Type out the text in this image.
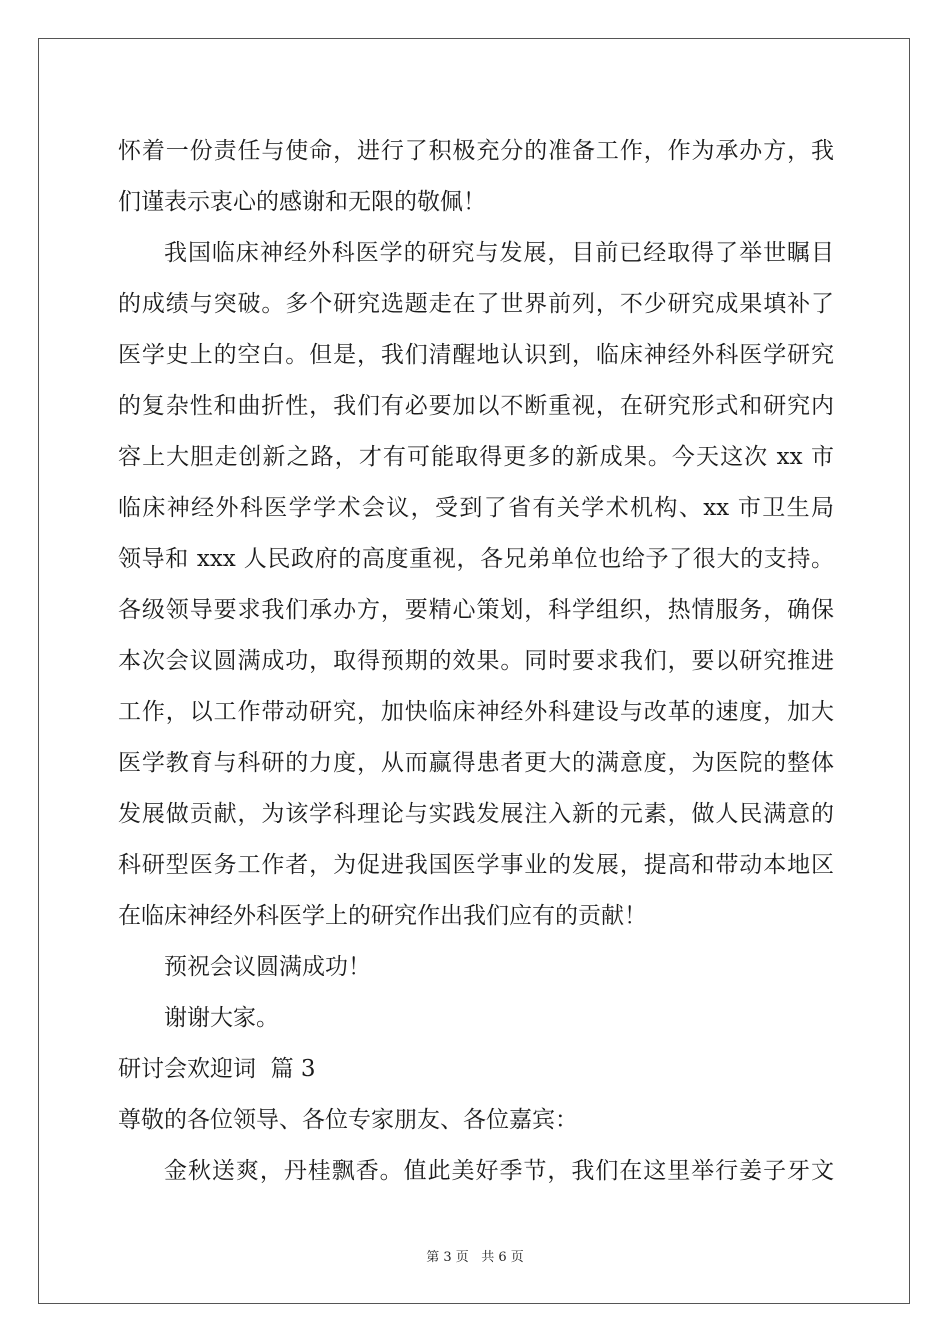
怀着一份责任与使命，进行了积极充分的准备工作，作为承办方，我
们谨表示衷心的感谢和无限的敬佩！
我国临床神经外科医学的研究与发展，目前已经取得了举世瞩目
的成绩与突破。多个研究选题走在了世界前列，不少研究成果填补了
医学史上的空白。但是，我们清醒地认识到，临床神经外科医学研究
的复杂性和曲折性，我们有必要加以不断重视，在研究形式和研究内
容上大胆走创新之路，才有可能取得更多的新成果。今天这次 xx 市
临床神经外科医学学术会议，受到了省有关学术机构、xx 市卫生局
领导和 xxx 人民政府的高度重视，各兄弟单位也给予了很大的支持。
各级领导要求我们承办方，要精心策划，科学组织，热情服务，确保
本次会议圆满成功，取得预期的效果。同时要求我们，要以研究推进
工作，以工作带动研究，加快临床神经外科建设与改革的速度，加大
医学教育与科研的力度，从而赢得患者更大的满意度，为医院的整体
发展做贡献，为该学科理论与实践发展注入新的元素，做人民满意的
科研型医务工作者，为促进我国医学事业的发展，提高和带动本地区
在临床神经外科医学上的研究作出我们应有的贡献！
预祝会议圆满成功！
谢谢大家。
研讨会欢迎词  篇 3
尊敬的各位领导、各位专家朋友、各位嘉宾：
金秋送爽，丹桂飘香。值此美好季节，我们在这里举行姜子牙文
第 3 页   共 6 页
